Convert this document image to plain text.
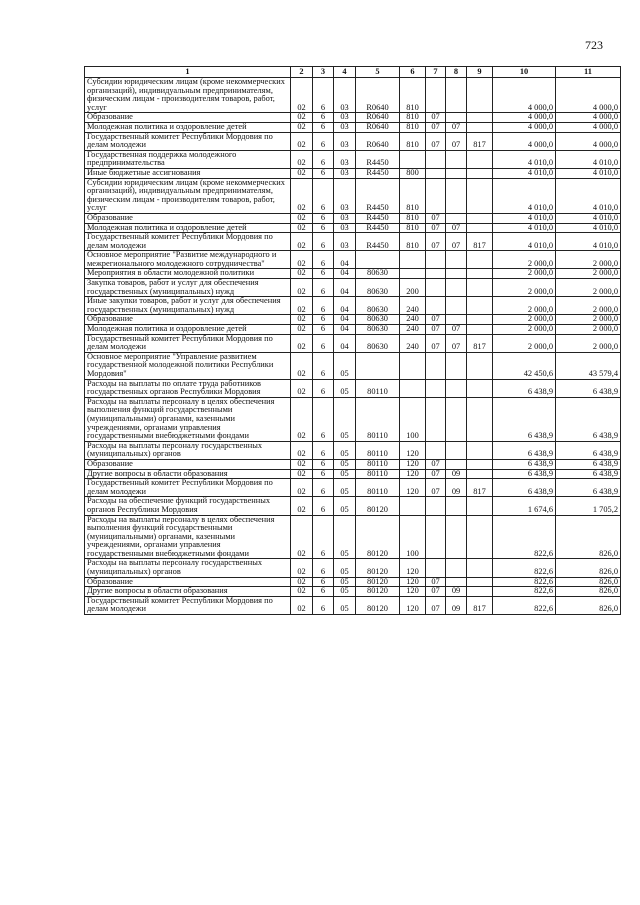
723
1	2	3	4	5	6	7	8	9	10	11
Субсидии юридическим лицам (кроме некоммерческих организаций), индивидуальным предпринимателям, физическим лицам - производителям товаров, работ, услуг	02	6	03	R0640	810				4 000,0	4 000,0
Образование	02	6	03	R0640	810	07			4 000,0	4 000,0
Молодежная политика и оздоровление детей	02	6	03	R0640	810	07	07		4 000,0	4 000,0
Государственный комитет Республики Мордовия по делам молодежи	02	6	03	R0640	810	07	07	817	4 000,0	4 000,0
Государственная поддержка молодежного предпринимательства	02	6	03	R4450					4 010,0	4 010,0
Иные бюджетные ассигнования	02	6	03	R4450	800				4 010,0	4 010,0
Субсидии юридическим лицам (кроме некоммерческих организаций), индивидуальным предпринимателям, физическим лицам - производителям товаров, работ, услуг	02	6	03	R4450	810				4 010,0	4 010,0
Образование	02	6	03	R4450	810	07			4 010,0	4 010,0
Молодежная политика и оздоровление детей	02	6	03	R4450	810	07	07		4 010,0	4 010,0
Государственный комитет Республики Мордовия по делам молодежи	02	6	03	R4450	810	07	07	817	4 010,0	4 010,0
Основное мероприятие "Развитие международного и межрегионального молодежного сотрудничества"	02	6	04						2 000,0	2 000,0
Мероприятия в области молодежной политики	02	6	04	80630					2 000,0	2 000,0
Закупка товаров, работ и услуг для обеспечения государственных (муниципальных) нужд	02	6	04	80630	200				2 000,0	2 000,0
Иные закупки товаров, работ и услуг для обеспечения государственных (муниципальных) нужд	02	6	04	80630	240				2 000,0	2 000,0
Образование	02	6	04	80630	240	07			2 000,0	2 000,0
Молодежная политика и оздоровление детей	02	6	04	80630	240	07	07		2 000,0	2 000,0
Государственный комитет Республики Мордовия по делам молодежи	02	6	04	80630	240	07	07	817	2 000,0	2 000,0
Основное мероприятие "Управление развитием государственной молодежной политики Республики Мордовия"	02	6	05						42 450,6	43 579,4
Расходы на выплаты по оплате труда работников государственных органов Республики Мордовия	02	6	05	80110					6 438,9	6 438,9
Расходы на выплаты персоналу в целях обеспечения выполнения функций государственными (муниципальными) органами, казенными учреждениями, органами управления государственными внебюджетными фондами	02	6	05	80110	100				6 438,9	6 438,9
Расходы на выплаты персоналу государственных (муниципальных) органов	02	6	05	80110	120				6 438,9	6 438,9
Образование	02	6	05	80110	120	07			6 438,9	6 438,9
Другие вопросы в области образования	02	6	05	80110	120	07	09		6 438,9	6 438,9
Государственный комитет Республики Мордовия по делам молодежи	02	6	05	80110	120	07	09	817	6 438,9	6 438,9
Расходы на обеспечение функций государственных органов Республики Мордовия	02	6	05	80120					1 674,6	1 705,2
Расходы на выплаты персоналу в целях обеспечения выполнения функций государственными (муниципальными) органами, казенными учреждениями, органами управления государственными внебюджетными фондами	02	6	05	80120	100				822,6	826,0
Расходы на выплаты персоналу государственных (муниципальных) органов	02	6	05	80120	120				822,6	826,0
Образование	02	6	05	80120	120	07			822,6	826,0
Другие вопросы в области образования	02	6	05	80120	120	07	09		822,6	826,0
Государственный комитет Республики Мордовия по делам молодежи	02	6	05	80120	120	07	09	817	822,6	826,0
